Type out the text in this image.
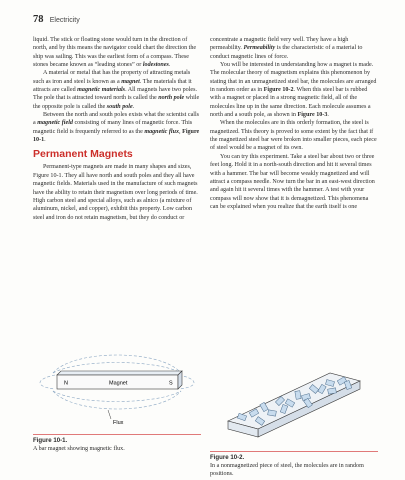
78 Electricity

liquid. The stick or floating stone would turn in the direction of north, and by this means the navigator could chart the direction the ship was sailing. This was the earliest form of a compass. These stones became known as “leading stones” or lodestones.

A material or metal that has the property of attracting metals such as iron and steel is known as a magnet. The materials that it attracts are called magnetic materials. All magnets have two poles. The pole that is attracted toward north is called the north pole while the opposite pole is called the south pole.

Between the north and south poles exists what the scientist calls a magnetic field consisting of many lines of magnetic force. This magnetic field is frequently referred to as the magnetic flux, Figure 10-1.

Permanent Magnets

Permanent-type magnets are made in many shapes and sizes, Figure 10-1. They all have north and south poles and they all have magnetic fields. Materials used in the manufacture of such magnets have the ability to retain their magnetism over long periods of time. High carbon steel and special alloys, such as alnico (a mixture of aluminum, nickel, and copper), exhibit this property. Low carbon steel and iron do not retain magnetism, but they do conduct or

concentrate a magnetic field very well. They have a high permeability. Permeability is the characteristic of a material to conduct magnetic lines of force.

You will be interested in understanding how a magnet is made. The molecular theory of magnetism explains this phenomenon by stating that in an unmagnetized steel bar, the molecules are arranged in random order as in Figure 10-2. When this steel bar is rubbed with a magnet or placed in a strong magnetic field, all of the molecules line up in the same direction. Each molecule assumes a north and a south pole, as shown in Figure 10-3.

When the molecules are in this orderly formation, the steel is magnetized. This theory is proved to some extent by the fact that if the magnetized steel bar were broken into smaller pieces, each piece of steel would be a magnet of its own.

You can try this experiment. Take a steel bar about two or three feet long. Hold it in a north-south direction and hit it several times with a hammer. The bar will become weakly magnetized and will attract a compass needle. Now turn the bar in an east-west direction and again hit it several times with the hammer. A test with your compass will now show that it is demagnetized. This phenomena can be explained when you realize that the earth itself is one

N	Magnet	S
Flux
Figure 10-1.
A bar magnet showing magnetic flux.
Figure 10-2.
In a nonmagnetized piece of steel, the molecules are in random positions.
